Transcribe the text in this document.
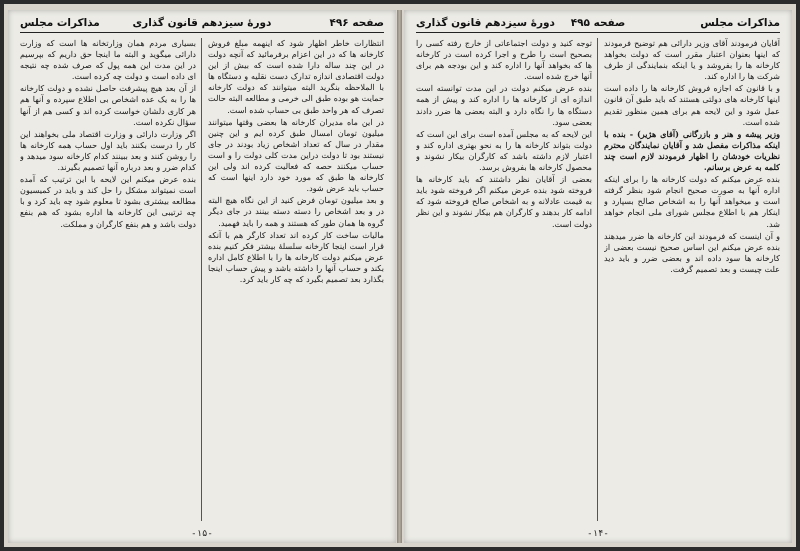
صفحه ۴۹۶
دورهٔ سیزدهم قانون گذاری
مذاکرات مجلس

انتظارات خاطر اظهار شود که اینهمه مبلغ فروش کارخانه ها که در این اعزام برفرمائید که آنچه دولت در این چند ساله دارا شده است که بیش از این دولت اقتصادی اندازه تدارک دست نقلیه و دستگاه ها با الملاحظه بنگرید البته میتوانند که دولت کارخانه حمایت هو بوده طبق الی خرمی و مطالعه البته حالت تصرف که هر واحد طبق بی حساب شده است.

در این ماه مدیران کارخانه ها بعضی وقتها میتوانند میلیون تومان امسال طبق کرده ایم و این چنین مقدار در سال که تعداد اشخاص زیاد بودند در جای نیستند بود تا دولت دراین مدت کلی دولت را و است حساب میکنند حصه که فعالیت کرده اند ولی این کارخانه ها طبق که مورد خود دارد اینها است که حساب باید عرض شود.

و بعد میلیون تومان فرض کنید از این نگاه هیچ البته در و بعد اشخاص را دسته دسته بینند در جای دیگر گروه ها همان طور که هستند و همه را باید فهمید.

مالیات ساخت کار کرده اند تعداد کارگر هم با آنکه قرار است اینجا کارخانه سلسلهٔ بیشتر فکر کنیم بنده عرض میکنم دولت کارخانه ها را با اطلاع کامل اداره بکند و حساب آنها را داشته باشد و پیش حساب اینجا بگذارد بعد تصمیم بگیرد که چه کار باید کرد.

بسیاری مردم همان وزارتخانه ها است که وزارت دارائی میگوید و البته ما اینجا حق داریم که بپرسیم در این مدت این همه پول که صرف شده چه نتیجه ای داده است و دولت چه کرده است.

از آن بعد هیچ پیشرفت حاصل نشده و دولت کارخانه ها را به یک عده اشخاص بی اطلاع سپرده و آنها هم هر کاری دلشان خواست کرده اند و کسی هم از آنها سؤال نکرده است.

اگر وزارت دارائی و وزارت اقتصاد ملی بخواهند این کار را درست بکنند باید اول حساب همه کارخانه ها را روشن کنند و بعد ببینند کدام کارخانه سود میدهد و کدام ضرر و بعد درباره آنها تصمیم بگیرند.

بنده عرض میکنم این لایحه با این ترتیب که آمده است نمیتواند مشکل را حل کند و باید در کمیسیون مطالعه بیشتری بشود تا معلوم شود چه باید کرد و با چه ترتیبی این کارخانه ها اداره بشود که هم بنفع دولت باشد و هم بنفع کارگران و مملکت.

-۱۵-
مذاکرات مجلس
صفحه ۴۹۵
دورهٔ سیزدهم قانون گذاری

آقایان فرمودند آقای وزیر دارائی هم توضیح فرمودند که اینها بعنوان اعتبار مقرر است که دولت بخواهد کارخانه ها را بفروشد و یا اینکه بنمایندگی از طرف شرکت ها را اداره کند.

و با قانون که اجازه فروش کارخانه ها را داده است اینها کارخانه های دولتی هستند که باید طبق آن قانون عمل شود و این لایحه هم برای همین منظور تقدیم شده است.

وزیر پیشه و هنر و بازرگانی (آقای هژیر) - بنده با اینکه مذاکرات مفصل شد و آقایان نمایندگان محترم نظریات خودشان را اظهار فرمودند لازم است چند کلمه به عرض برسانم.

بنده عرض میکنم که دولت کارخانه ها را برای اینکه اداره آنها به صورت صحیح انجام شود بنظر گرفته است و میخواهد آنها را به اشخاص صالح بسپارد و اینکار هم با اطلاع مجلس شورای ملی انجام خواهد شد.

و آن اینست که فرمودند این کارخانه ها ضرر میدهند بنده عرض میکنم این اساس صحیح نیست بعضی از کارخانه ها سود داده اند و بعضی ضرر و باید دید علت چیست و بعد تصمیم گرفت.

توجه کنید و دولت اجتماعاتی از خارج رفته کسی را بصحیح است را طرح و اجرا کرده است در کارخانه ها که بخواهد آنها را اداره کند و این بودجه هم برای آنها خرج شده است.

بنده عرض میکنم دولت در این مدت توانسته است اندازه ای از کارخانه ها را اداره کند و پیش از همه دستگاه ها را نگاه دارد و البته بعضی ها ضرر دادند بعضی سود.

این لایحه که به مجلس آمده است برای این است که دولت بتواند کارخانه ها را به نحو بهتری اداره کند و اعتبار لازم داشته باشد که کارگران بیکار نشوند و محصول کارخانه ها بفروش برسد.

بعضی از آقایان نظر داشتند که باید کارخانه ها فروخته شود بنده عرض میکنم اگر فروخته شود باید به قیمت عادلانه و به اشخاص صالح فروخته شود که ادامه کار بدهند و کارگران هم بیکار نشوند و این نظر دولت است.

-۱۴-
